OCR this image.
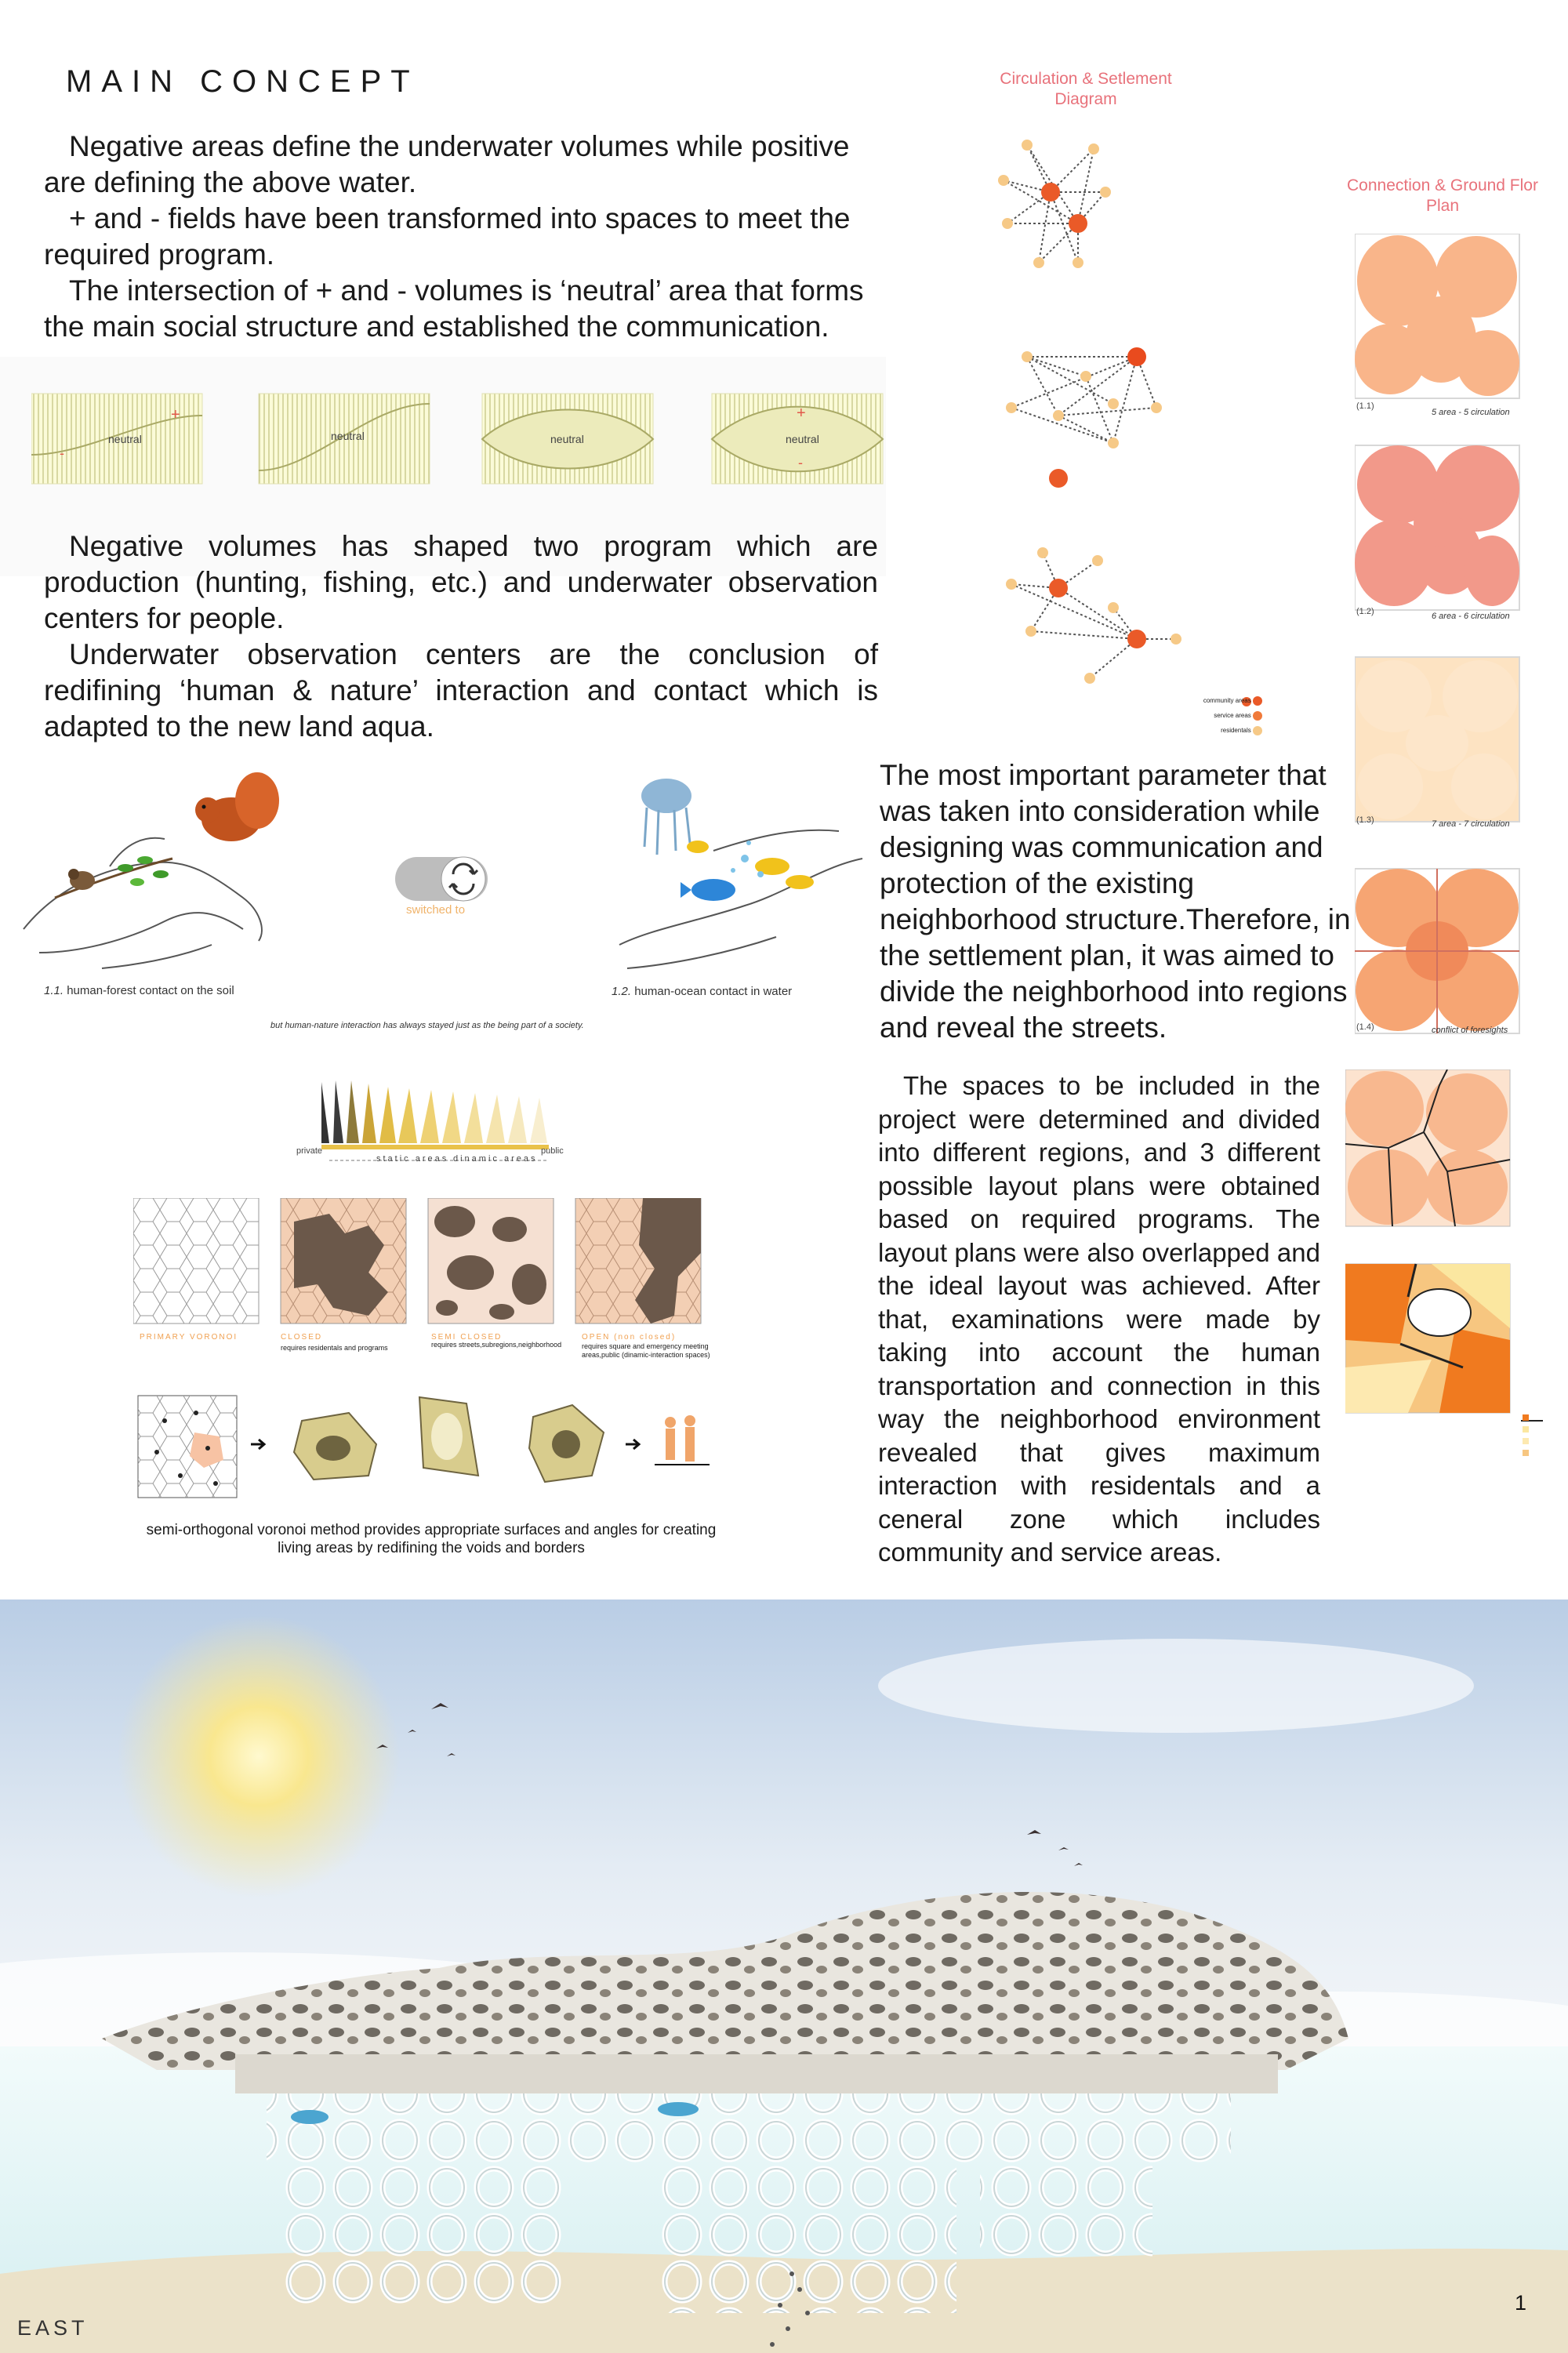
MAIN CONCEPT
Negative areas define the underwater volumes while positive are defining the above water.
+ and - fields have been transformed into spaces to meet the required program.
The intersection of + and - volumes is ‘neutral’ area that forms the main social structure and established the communication.
neutral	neutral	neutral	neutral
+
-
+
-
Negative volumes has shaped two program which are production (hunting, fishing, etc.) and underwater observation centers for people.
Underwater observation centers are the conclusion of redifining ‘human & nature’ interaction and contact which is adapted to the new land aqua.
switched to
1.1. human-forest contact on the soil	1.2. human-ocean contact in water
but human-nature interaction has always stayed just as the being part of a society.
private	public
static areas dinamic areas
PRIMARY VORONOI	CLOSED
requires residentals and programs
SEMI CLOSED
requires streets,subregions,neighborhood
OPEN (non closed)
requires square and emergency meeting areas,public (dinamic-interaction spaces)
semi-orthogonal voronoi method provides appropriate surfaces and angles for creating living areas by redifining the voids and borders
Circulation & Setlement Diagram
community areas
service areas
residentals
Connection & Ground Flor Plan
(1.1)
5 area - 5 circulation
(1.2)	6 area - 6 circulation
(1.3)	7 area - 7 circulation
(1.4)	conflict of foresights
The most important parameter that was taken into consideration while designing was communication and protection of the existing neighborhood structure.Therefore, in the settlement plan, it was aimed to divide the neighborhood into regions and reveal the streets.
The spaces to be included in the project were determined and divided into different regions, and 3 different possible layout plans were obtained based on required programs. The layout plans were also overlapped and the ideal layout was achieved. After that, examinations were made by taking into account the human transportation and connection in this way the neighborhood environment revealed that gives maximum interaction with residentals and a ceneral zone which includes community and service areas.
EAST
1
